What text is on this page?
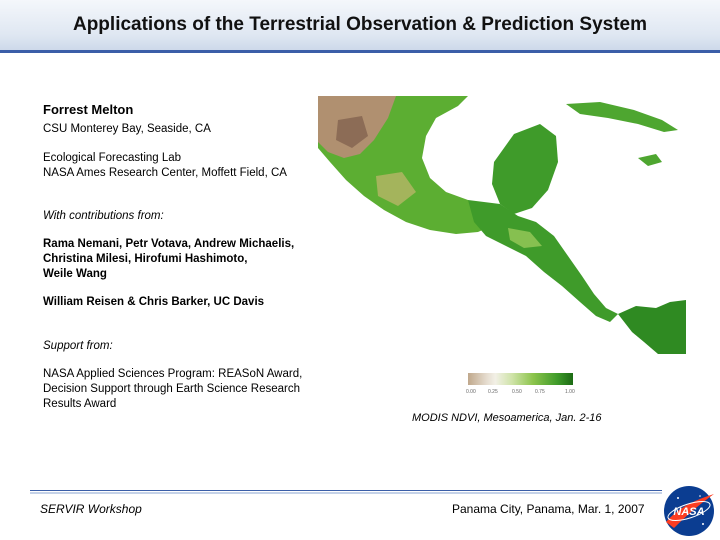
Applications of the Terrestrial Observation & Prediction System
Forrest Melton
CSU Monterey Bay, Seaside, CA
Ecological Forecasting Lab
NASA Ames Research Center, Moffett Field, CA
With contributions from:
Rama Nemani, Petr Votava, Andrew Michaelis,
Christina Milesi, Hirofumi Hashimoto,
Weile Wang
William Reisen & Chris Barker, UC Davis
Support from:
NASA Applied Sciences Program: REASoN Award,
Decision Support through Earth Science Research
Results Award
0.00 0.25	0.50	0.75	1.00
MODIS NDVI, Mesoamerica, Jan. 2-16
SERVIR Workshop	Panama City, Panama, Mar. 1, 2007	NASA
